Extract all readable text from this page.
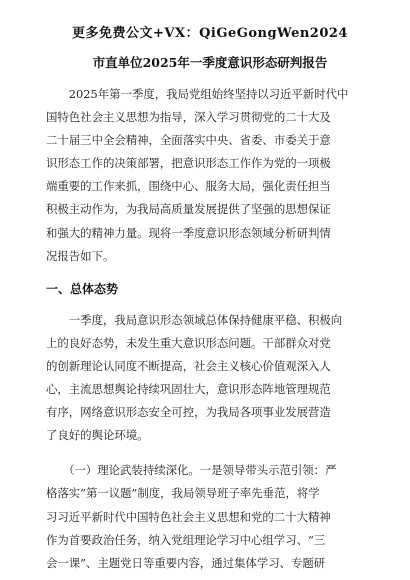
更多免费公文+VX：QiGeGongWen2024
市直单位2025年一季度意识形态研判报告
　　2025年第一季度，我局党组始终坚持以习近平新时代中
国特色社会主义思想为指导，深入学习贯彻党的二十大及
二十届三中全会精神，全面落实中央、省委、市委关于意
识形态工作的决策部署，把意识形态工作作为党的一项极
端重要的工作来抓，围绕中心、服务大局，强化责任担当
积极主动作为，为我局高质量发展提供了坚强的思想保证
和强大的精神力量。现将一季度意识形态领域分析研判情
况报告如下。
一、总体态势
　　一季度，我局意识形态领域总体保持健康平稳、积极向
上的良好态势，未发生重大意识形态问题。干部群众对党
的创新理论认同度不断提高，社会主义核心价值观深入人
心，主流思想舆论持续巩固壮大，意识形态阵地管理规范
有序，网络意识形态安全可控，为我局各项事业发展营造
了良好的舆论环境。
　　（一）理论武装持续深化。一是领导带头示范引领：严
格落实“第一议题”制度，我局领导班子率先垂范，将学
习习近平新时代中国特色社会主义思想和党的二十大精神
作为首要政治任务，纳入党组理论学习中心组学习、“三
会一课”、主题党日等重要内容，通过集体学习、专题研
